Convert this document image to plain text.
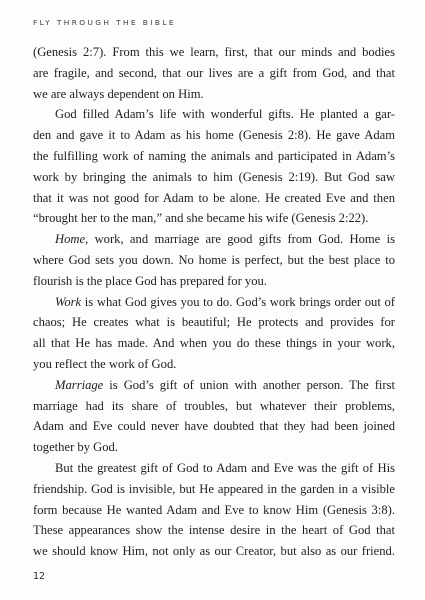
FLY THROUGH THE BIBLE
(Genesis 2:7). From this we learn, first, that our minds and bodies
are fragile, and second, that our lives are a gift from God, and that
we are always dependent on Him.
God filled Adam’s life with wonderful gifts. He planted a gar-
den and gave it to Adam as his home (Genesis 2:8). He gave Adam
the fulfilling work of naming the animals and participated in Adam’s
work by bringing the animals to him (Genesis 2:19). But God saw
that it was not good for Adam to be alone. He created Eve and then
“brought her to the man,” and she became his wife (Genesis 2:22).
Home, work, and marriage are good gifts from God. Home is
where God sets you down. No home is perfect, but the best place to
flourish is the place God has prepared for you.
Work is what God gives you to do. God’s work brings order out of
chaos; He creates what is beautiful; He protects and provides for
all that He has made. And when you do these things in your work,
you reflect the work of God.
Marriage is God’s gift of union with another person. The first
marriage had its share of troubles, but whatever their problems,
Adam and Eve could never have doubted that they had been joined
together by God.
But the greatest gift of God to Adam and Eve was the gift of His
friendship. God is invisible, but He appeared in the garden in a visible
form because He wanted Adam and Eve to know Him (Genesis 3:8).
These appearances show the intense desire in the heart of God that
we should know Him, not only as our Creator, but also as our friend.
12
